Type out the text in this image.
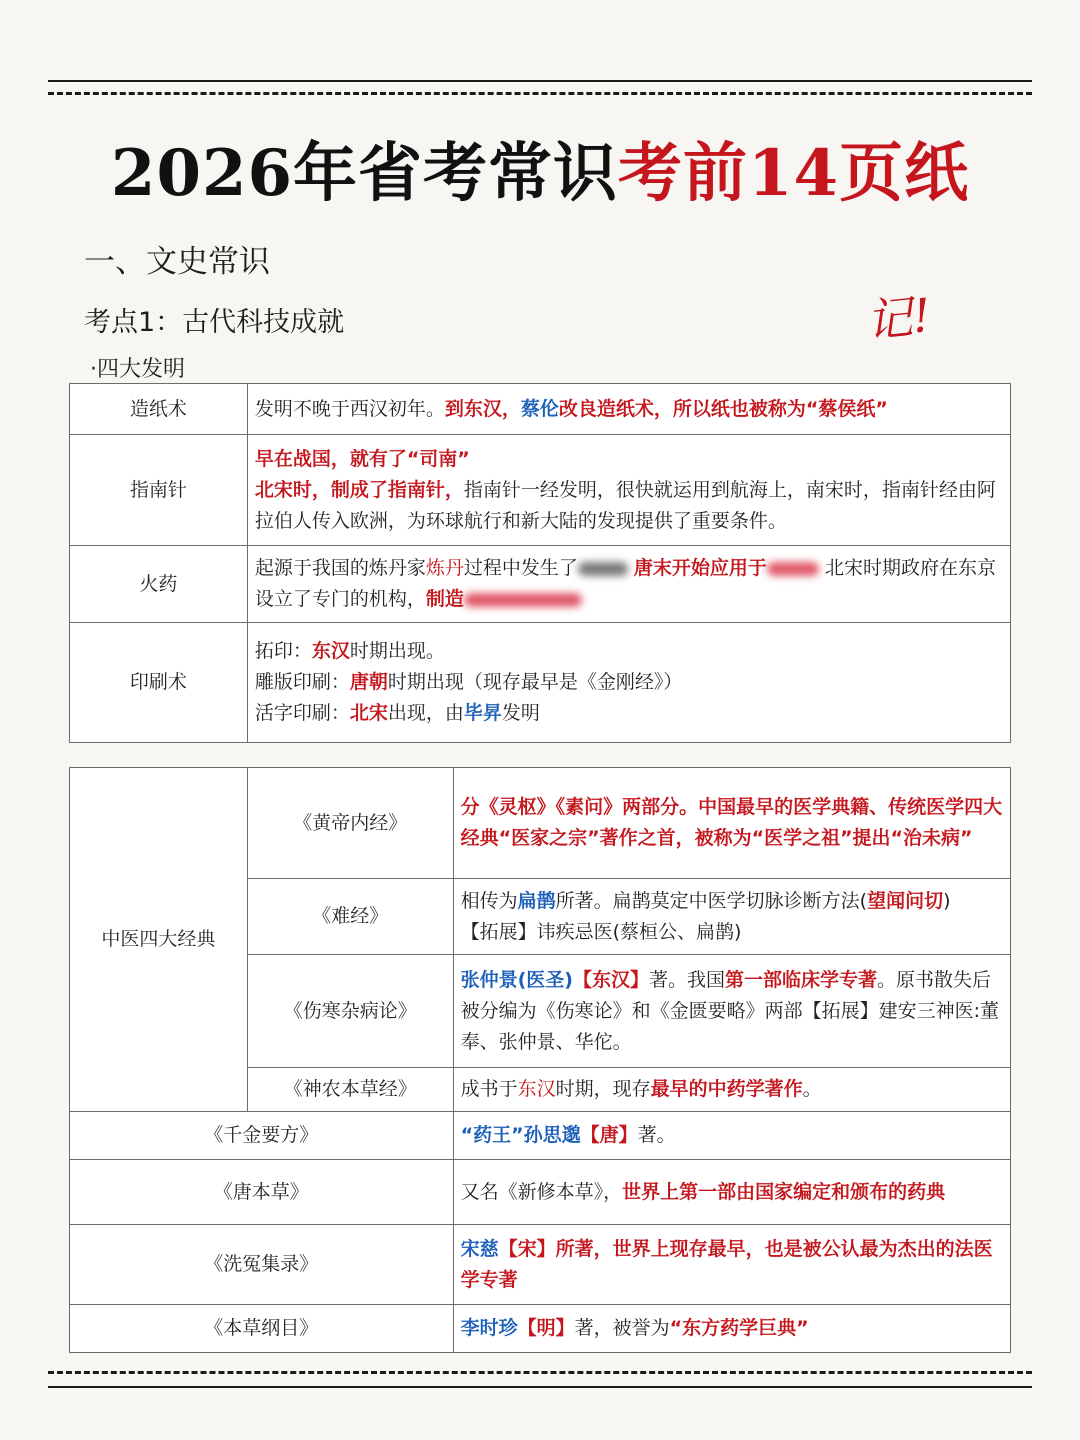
2026年省考常识考前14页纸
一、文史常识
考点1：古代科技成就	记!
·四大发明
造纸术	发明不晚于西汉初年。到东汉，蔡伦改良造纸术，所以纸也被称为“蔡侯纸”
指南针	早在战国，就有了“司南”
北宋时，制成了指南针，指南针一经发明，很快就运用到航海上，南宋时，指南针经由阿拉伯人传入欧洲，为环球航行和新大陆的发现提供了重要条件。
火药	起源于我国的炼丹家炼丹过程中发生了 唐末开始应用于 北宋时期政府在东京设立了专门的机构，制造
印刷术	拓印：东汉时期出现。
雕版印刷：唐朝时期出现（现存最早是《金刚经》）
活字印刷：北宋出现，由毕昇发明
中医四大经典	《黄帝内经》	分《灵枢》《素问》两部分。中国最早的医学典籍、传统医学四大经典“医家之宗”著作之首，被称为“医学之祖”提出“治未病”
	《难经》	相传为扁鹊所著。扁鹊莫定中医学切脉诊断方法(望闻问切)
【拓展】讳疾忌医(蔡桓公、扁鹊)
	《伤寒杂病论》	张仲景(医圣)【东汉】著。我国第一部临床学专著。原书散失后被分编为《伤寒论》和《金匮要略》两部【拓展】建安三神医:董奉、张仲景、华佗。
	《神农本草经》	成书于东汉时期，现存最早的中药学著作。
《千金要方》		“药王”孙思邈【唐】著。
《唐本草》		又名《新修本草》，世界上第一部由国家编定和颁布的药典
《洗冤集录》		宋慈【宋】所著，世界上现存最早，也是被公认最为杰出的法医学专著
《本草纲目》		李时珍【明】著，被誉为“东方药学巨典”
